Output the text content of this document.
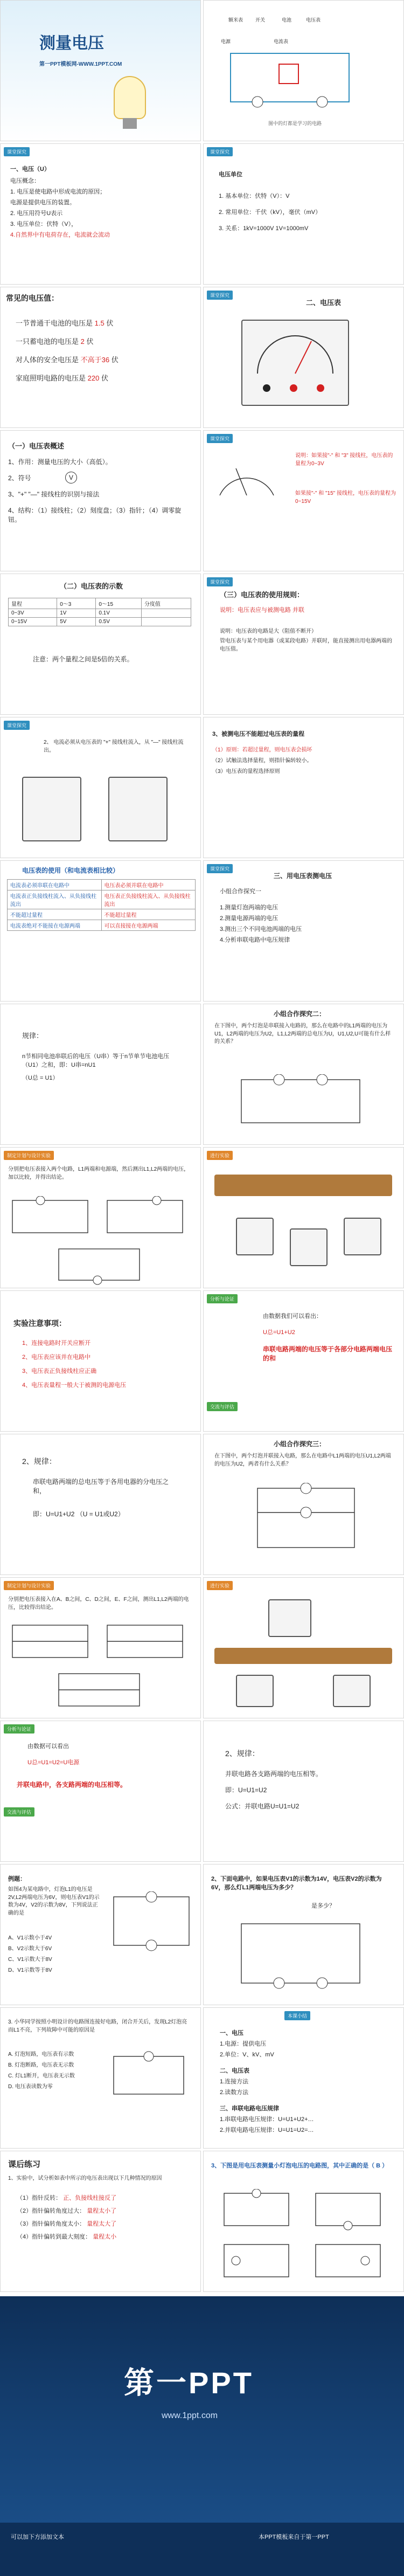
测量电压
第一PPT模板网-WWW.1PPT.COM
额米表	开关
电源
电池
电流表
电压表
图中的灯都是学习的电路
课堂探究
一、电压（U）
电压概念：
1. 电压是使电路中形成电流的原因；
电源是提供电压的装置。
2. 电压用符号U表示
3. 电压单位：伏特（V），
4.自然界中有电荷存在，电流就会流动
课堂探究
电压单位
1. 基本单位：伏特（V）：V
2. 常用单位：千伏（kV），毫伏（mV）
3. 关系：1kV=1000V 1V=1000mV
常见的电压值：
一节普通干电池的电压是 1.5 伏
一只蓄电池的电压是 2 伏
对人体的安全电压是 不高于36 伏
家庭照明电路的电压是 220 伏
课堂探究
二、电压表
（一）电压表概述
1、作用：测量电压的大小（高低）。
2、符号	V
3、"+" "—" 接线柱的识别与接法
4、结构：（1）接线柱；（2）刻度盘；（3）指针；（4）调零旋钮。
课堂探究
说明：如果接"-" 和 "3" 接线柱，电压表的量程为0~3V
如果接"-" 和 "15" 接线柱，电压表的量程为0~15V
（二）电压表的示数
量程	0～3	0～15	分度值
0~3V	1V	0.1V	
0~15V	5V	0.5V	
注意：两个量程之间是5倍的关系。
课堂探究
（三）电压表的使用规则：
说明：电压表应与被测电路 并联
说明：电压表的电路是大（阻值不断开）
管电压表与某个用电器（或某段电路）并联时，能直接测出用电器两端的电压值。
课堂探究
2、 电流必须从电压表的 "+" 接线柱流入，从 "—" 接线柱流出。
3、被测电压不能超过电压表的量程
（1）原则：若超过量程，则电压表会损坏
（2）试触法选择量程，则指针偏转较小。
（3）电压表的量程选择原则
电压表的使用（和电流表相比较）
电流表必须串联在电路中	电压表必须并联在电路中
电流表正负接线柱流入、从负接线柱流出	电压表正负接线柱流入、从负接线柱流出
不能超过量程	不能超过量程
电流表绝对不能接在电源两端	可以直接接在电源两端
课堂探究
三、用电压表测电压
小组合作探究一
1.测量灯泡两端的电压
2.测量电源两端的电压
3.测出三个不同电池两端的电压
4.分析串联电路中电压规律
规律：
n节相同电池串联后的电压（U串）等于n节单节电池电压（U1）之和，即：U串=nU1
（U总 = U1）
小组合作探究二：
在下图中，两个灯泡是串联接入电路的，那么在电路中的L1两端的电压为U1，L2两端的电压为U2，L1,L2两端的总电压为U，U1,U2,U可能有什么样的关系？
制定计划与设计实验
分别把电压表接入两个电路，L1两端和电源端，然后测出L1,L2两端的电压，加以比较，并得出结论。
进行实验
实验注意事项：
1、连接电路时开关应断开
2、电压表应该并在电路中
3、电压表正负接线柱应正确
4、电压表量程一般大于被测的电源电压
分析与论证
由数据我们可以看出：
U总=U1+U2
串联电路两端的电压等于各部分电路两端电压的和
交流与评估
2、规律：
串联电路两端的总电压等于各用电器的分电压之和，
即：U=U1+U2 （U = U1或U2）
小组合作探究三：
在下图中，两个灯泡并联接入电路，那么在电路中L1两端的电压U1,L2两端的电压为U2，两者有什么关系？
制定计划与设计实验
分别把电压表接入在A、B之间，C、D之间，E、F之间，测出L1,L2两端的电压，比较得出结论。
进行实验
分析与论证
由数据可以看出
U总=U1=U2=U电源
并联电路中，各支路两端的电压相等。
交流与评估
2、规律：
并联电路各支路两端的电压相等。
即：U=U1=U2
公式：并联电路U=U1=U2
例题：
如图4为某电路中，灯泡L1的电压是2V,L2两端电压为6V，则电压表V1的示数为4V，V2的示数为8V，下列说法正确的是
A、V1示数小于4V
B、V2示数大于6V
C、V1示数大于8V
D、V1示数等于8V
2、下面电路中，如果电压表V1的示数为14V，电压表V2的示数为6V，那么灯L1两端电压为多少？
是多少？
3. 小华同学按照小明设计的电路图连接好电路，闭合开关后，发现L2灯泡亮而L1不亮，下列故障中可能的原因是
A. 灯泡短路，电压表有示数
B. 灯泡断路，电压表无示数
C. 灯L1断开，电压表无示数
D. 电压表读数为零
本课小结
一、电压
1.电源：提供电压
2.单位：V、kV、mV
二、电压表
1.连接方法
2.读数方法
三、串联电路电压规律
1.串联电路电压规律：U=U1+U2+…
2.并联电路电压规律：U=U1=U2=…
课后练习
1、实验中，试分析如表中所示的电压表出现以下几种情况的原因
（1）指针反转： 正、负接线柱接反了
（2）指针偏转角度过大： 量程太小了
（3）指针偏转角度太小： 量程太大了
（4）指针偏转到最大刻度： 量程太小
3、下图是用电压表测量小灯泡电压的电路图，其中正确的是（ B ）
第一PPT
www.1ppt.com
可以加下方添加文本	本PPT模板来自于第一PPT
